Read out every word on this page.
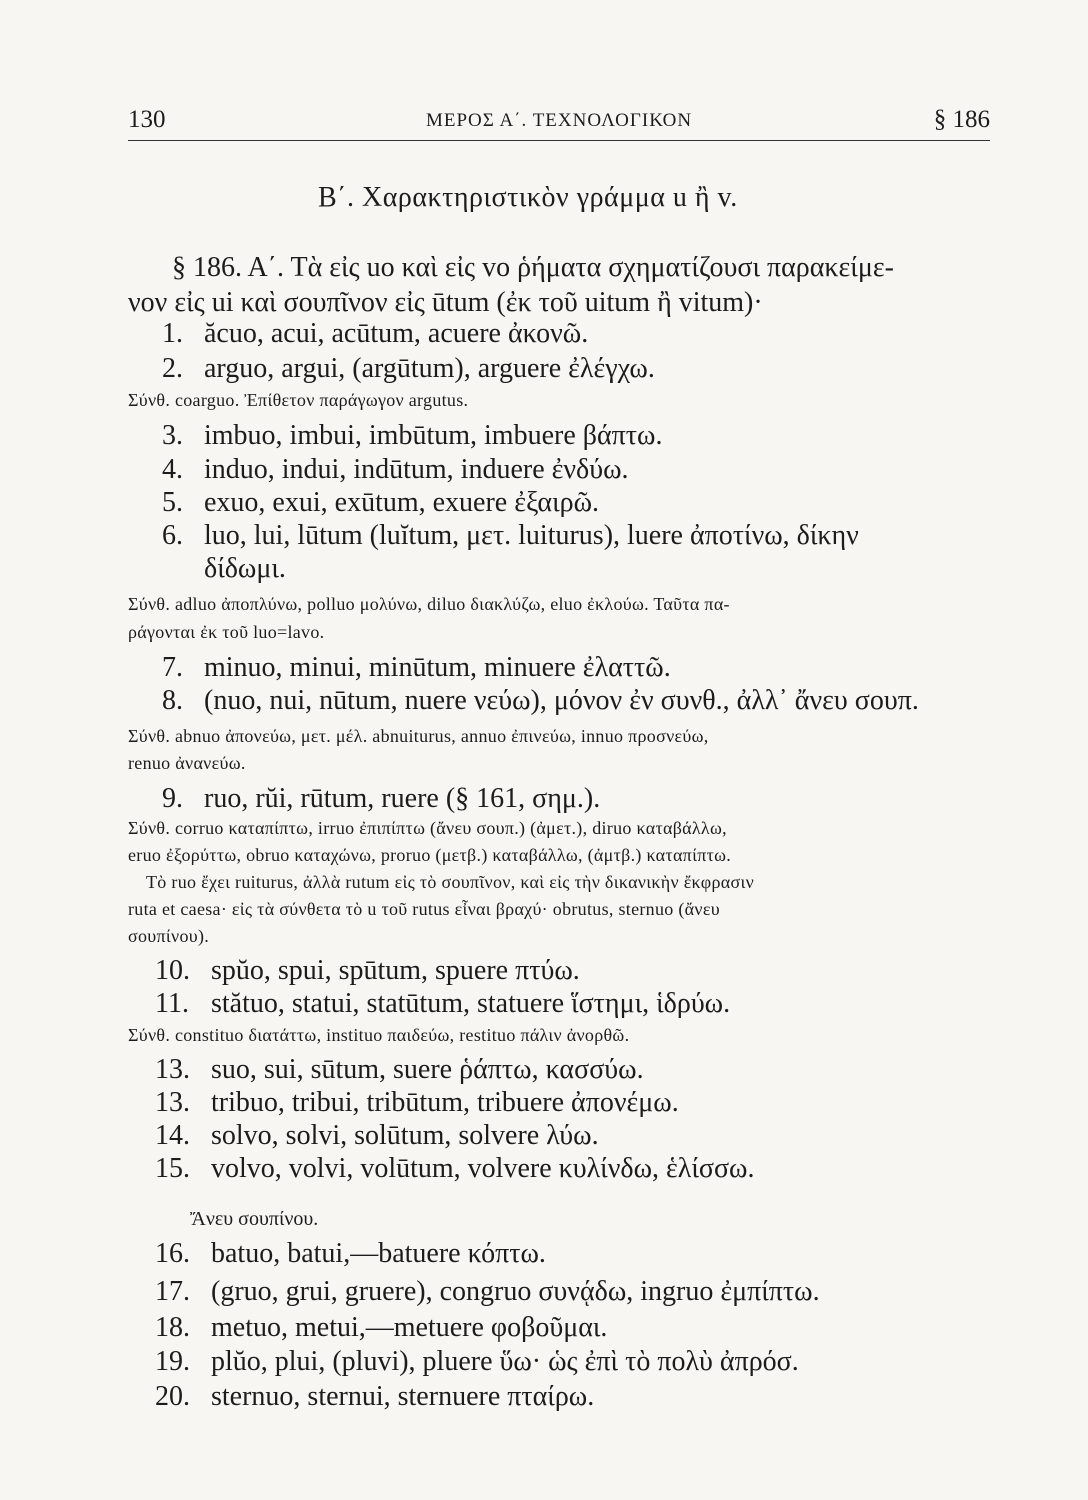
130	ΜΕΡΟΣ Α΄. ΤΕΧΝΟΛΟΓΙΚΟΝ	§ 186
Β΄. Χαρακτηριστικὸν γράμμα u ἢ v.
§ 186. Α΄. Τὰ εἰς uo καὶ εἰς vo ῥήματα σχηματίζουσι παρακείμε-
νον εἰς ui καὶ σουπῖνον εἰς ūtum (ἐκ τοῦ uitum ἢ vitum)·
1. ăcuo, acui, acūtum, acuere ἀκονῶ.
2. arguo, argui, (argūtum), arguere ἐλέγχω.
Σύνθ. coarguo. Ἐπίθετον παράγωγον argutus.
3. imbuo, imbui, imbūtum, imbuere βάπτω.
4. induo, indui, indūtum, induere ἐνδύω.
5. exuo, exui, exūtum, exuere ἐξαιρῶ.
6. luo, lui, lūtum (luĭtum, μετ. luiturus), luere ἀποτίνω, δίκην
δίδωμι.
Σύνθ. adluo ἀποπλύνω, polluo μολύνω, diluo διακλύζω, eluo ἐκλούω. Ταῦτα πα-
ράγονται ἐκ τοῦ luo=lavo.
7. minuo, minui, minūtum, minuere ἐλαττῶ.
8. (nuo, nui, nūtum, nuere νεύω), μόνον ἐν συνθ., ἀλλ᾽ ἄνευ σουπ.
Σύνθ. abnuo ἀπονεύω, μετ. μέλ. abnuiturus, annuo ἐπινεύω, innuo προσνεύω,
renuo ἀνανεύω.
9. ruo, rŭi, rūtum, ruere (§ 161, σημ.).
Σύνθ. corruo καταπίπτω, irruo ἐπιπίπτω (ἄνευ σουπ.) (ἀμετ.), diruo καταβάλλω,
eruo ἐξορύττω, obruo καταχώνω, proruo (μετβ.) καταβάλλω, (ἀμτβ.) καταπίπτω.
Τὸ ruo ἔχει ruiturus, ἀλλὰ rutum εἰς τὸ σουπῖνον, καὶ εἰς τὴν δικανικὴν ἔκφρασιν
ruta et caesa· εἰς τὰ σύνθετα τὸ u τοῦ rutus εἶναι βραχύ· obrutus, sternuo (ἄνευ
σουπίνου).
10. spŭo, spui, spūtum, spuere πτύω.
11. stătuo, statui, statūtum, statuere ἵστημι, ἱδρύω.
Σύνθ. constituo διατάττω, instituo παιδεύω, restituo πάλιν ἀνορθῶ.
13. suo, sui, sūtum, suere ῥάπτω, κασσύω.
13. tribuo, tribui, tribūtum, tribuere ἀπονέμω.
14. solvo, solvi, solūtum, solvere λύω.
15. volvo, volvi, volūtum, volvere κυλίνδω, ἑλίσσω.
Ἄνευ σουπίνου.
16. batuo, batui,—batuere κόπτω.
17. (gruo, grui, gruere), congruo συνᾴδω, ingruo ἐμπίπτω.
18. metuo, metui,—metuere φοβοῦμαι.
19. plŭo, plui, (pluvi), pluere ὕω· ὡς ἐπὶ τὸ πολὺ ἀπρόσ.
20. sternuo, sternui, sternuere πταίρω.
